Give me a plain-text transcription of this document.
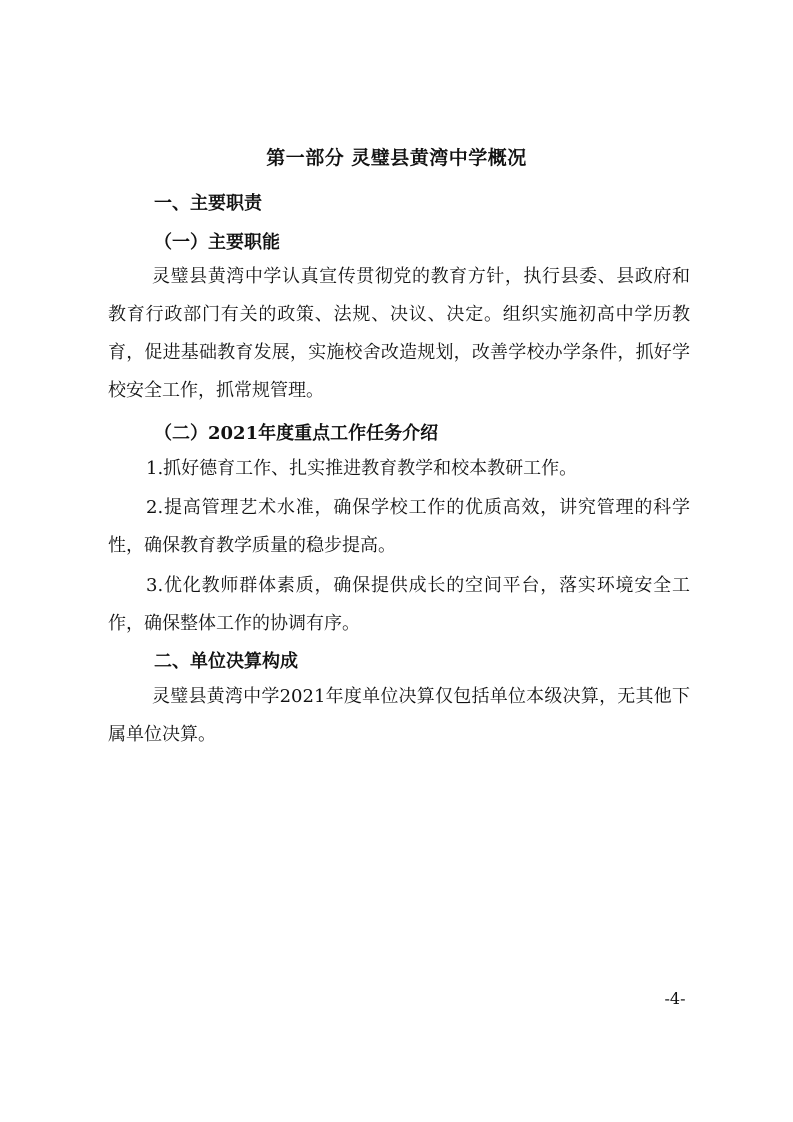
第一部分 灵璧县黄湾中学概况
一、主要职责
（一）主要职能

灵璧县黄湾中学认真宣传贯彻党的教育方针，执行县委、县政府和教育行政部门有关的政策、法规、决议、决定。组织实施初高中学历教育，促进基础教育发展，实施校舍改造规划，改善学校办学条件，抓好学校安全工作，抓常规管理。

（二）2021年度重点工作任务介绍

1.抓好德育工作、扎实推进教育教学和校本教研工作。

2.提高管理艺术水准，确保学校工作的优质高效，讲究管理的科学性，确保教育教学质量的稳步提高。

3.优化教师群体素质，确保提供成长的空间平台，落实环境安全工作，确保整体工作的协调有序。

二、单位决算构成

灵璧县黄湾中学2021年度单位决算仅包括单位本级决算，无其他下属单位决算。

-4-
